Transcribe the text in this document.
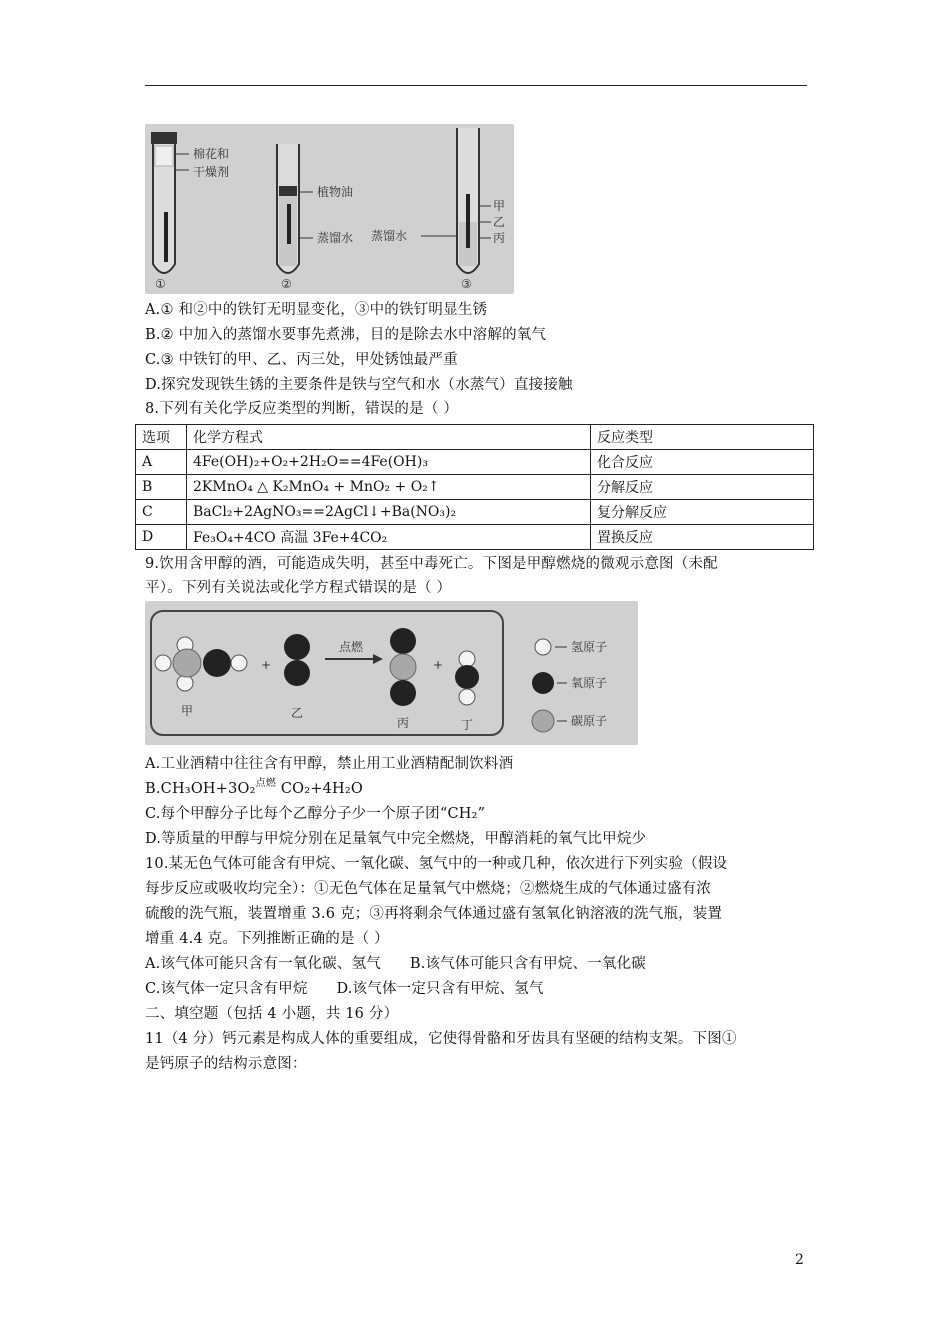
棉花和
干燥剂
①
植物油
蒸馏水
②
蒸馏水
甲
乙
丙
③
A.① 和②中的铁钉无明显变化，③中的铁钉明显生锈
B.② 中加入的蒸馏水要事先煮沸，目的是除去水中溶解的氧气
C.③ 中铁钉的甲、乙、丙三处，甲处锈蚀最严重
D.探究发现铁生锈的主要条件是铁与空气和水（水蒸气）直接接触
8.下列有关化学反应类型的判断，错误的是（ ）
选项	化学方程式	反应类型
A	4Fe(OH)₂+O₂+2H₂O==4Fe(OH)₃	化合反应
B	2KMnO₄ △ K₂MnO₄ + MnO₂ + O₂↑	分解反应
C	BaCl₂+2AgNO₃==2AgCl↓+Ba(NO₃)₂	复分解反应
D	Fe₃O₄+4CO 高温 3Fe+4CO₂	置换反应
9.饮用含甲醇的酒，可能造成失明，甚至中毒死亡。下图是甲醇燃烧的微观示意图（未配
平）。下列有关说法或化学方程式错误的是（ ）
甲
+
乙
点燃
丙
+
丁
氢原子
氧原子
碳原子
A.工业酒精中往往含有甲醇，禁止用工业酒精配制饮料酒
B.CH₃OH+3O₂$^{点燃}$ CO₂+4H₂O
C.每个甲醇分子比每个乙醇分子少一个原子团“CH₂”
D.等质量的甲醇与甲烷分别在足量氧气中完全燃烧，甲醇消耗的氧气比甲烷少
10.某无色气体可能含有甲烷、一氧化碳、氢气中的一种或几种，依次进行下列实验（假设
每步反应或吸收均完全）：①无色气体在足量氧气中燃烧；②燃烧生成的气体通过盛有浓
硫酸的洗气瓶，装置增重 3.6 克；③再将剩余气体通过盛有氢氧化钠溶液的洗气瓶，装置
增重 4.4 克。下列推断正确的是（ ）
A.该气体可能只含有一氧化碳、氢气      B.该气体可能只含有甲烷、一氧化碳
C.该气体一定只含有甲烷      D.该气体一定只含有甲烷、氢气
二、填空题（包括 4 小题，共 16 分）
11（4 分）钙元素是构成人体的重要组成，它使得骨骼和牙齿具有坚硬的结构支架。下图①
是钙原子的结构示意图：
2
